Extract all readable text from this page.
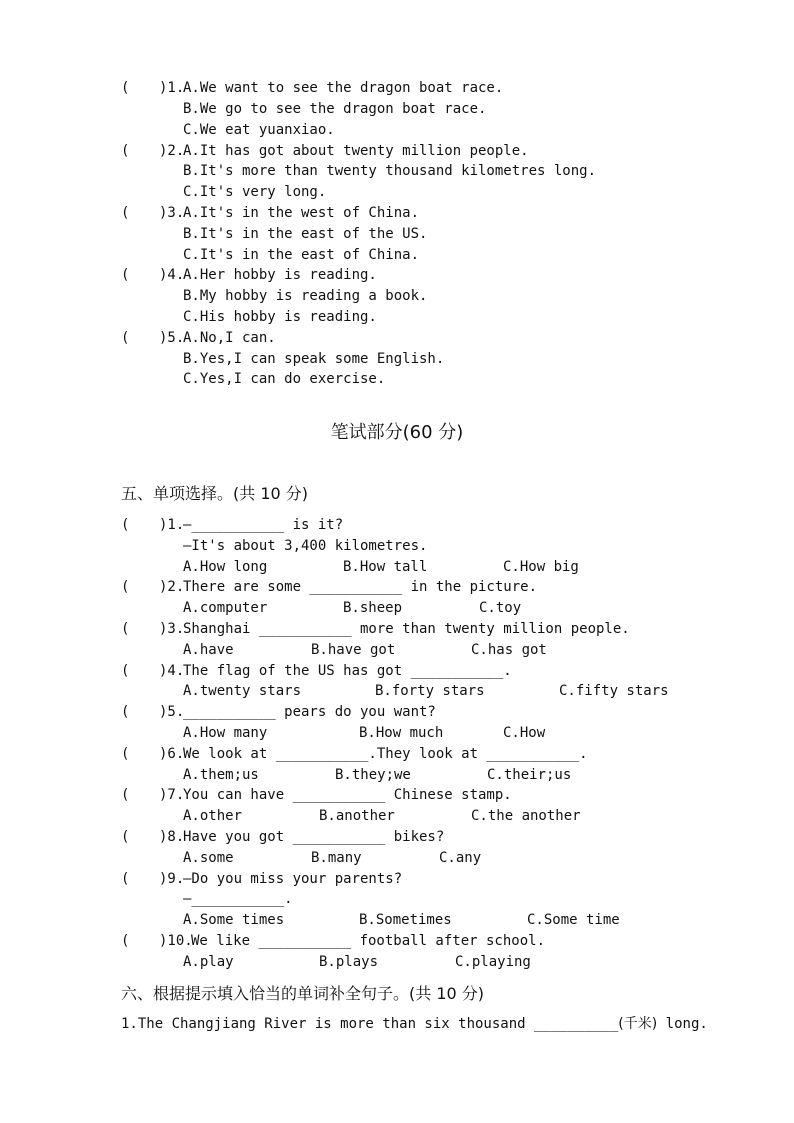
( )1.
A.We want to see the dragon boat race.
B.We go to see the dragon boat race.
C.We eat yuanxiao.
( )2.
A.It has got about twenty million people.
B.It's more than twenty thousand kilometres long.
C.It's very long.
( )3.
A.It's in the west of China.
B.It's in the east of the US.
C.It's in the east of China.
( )4.
A.Her hobby is reading.
B.My hobby is reading a book.
C.His hobby is reading.
( )5.
A.No,I can.
B.Yes,I can speak some English.
C.Yes,I can do exercise.
笔试部分(60 分)
五、单项选择。(共 10 分)
( )1.
—___________ is it?
—It's about 3,400 kilometres.
A.How long	B.How tall	C.How big
( )2.
There are some ___________ in the picture.
A.computer	B.sheep	C.toy
( )3.
Shanghai ___________ more than twenty million people.
A.have	B.have got	C.has got
( )4.
The flag of the US has got ___________.
A.twenty stars	B.forty stars	C.fifty stars
( )5.
___________ pears do you want?
A.How many	B.How much	C.How
( )6.
We look at ___________.They look at ___________.
A.them;us	B.they;we	C.their;us
( )7.
You can have ___________ Chinese stamp.
A.other	B.another	C.the another
( )8.
Have you got ___________ bikes?
A.some	B.many	C.any
( )9.
—Do you miss your parents?
—___________.
A.Some times	B.Sometimes	C.Some time
( )10.
We like ___________ football after school.
A.play	B.plays	C.playing
六、根据提示填入恰当的单词补全句子。(共 10 分)
1.The Changjiang River is more than six thousand __________(千米) long.
